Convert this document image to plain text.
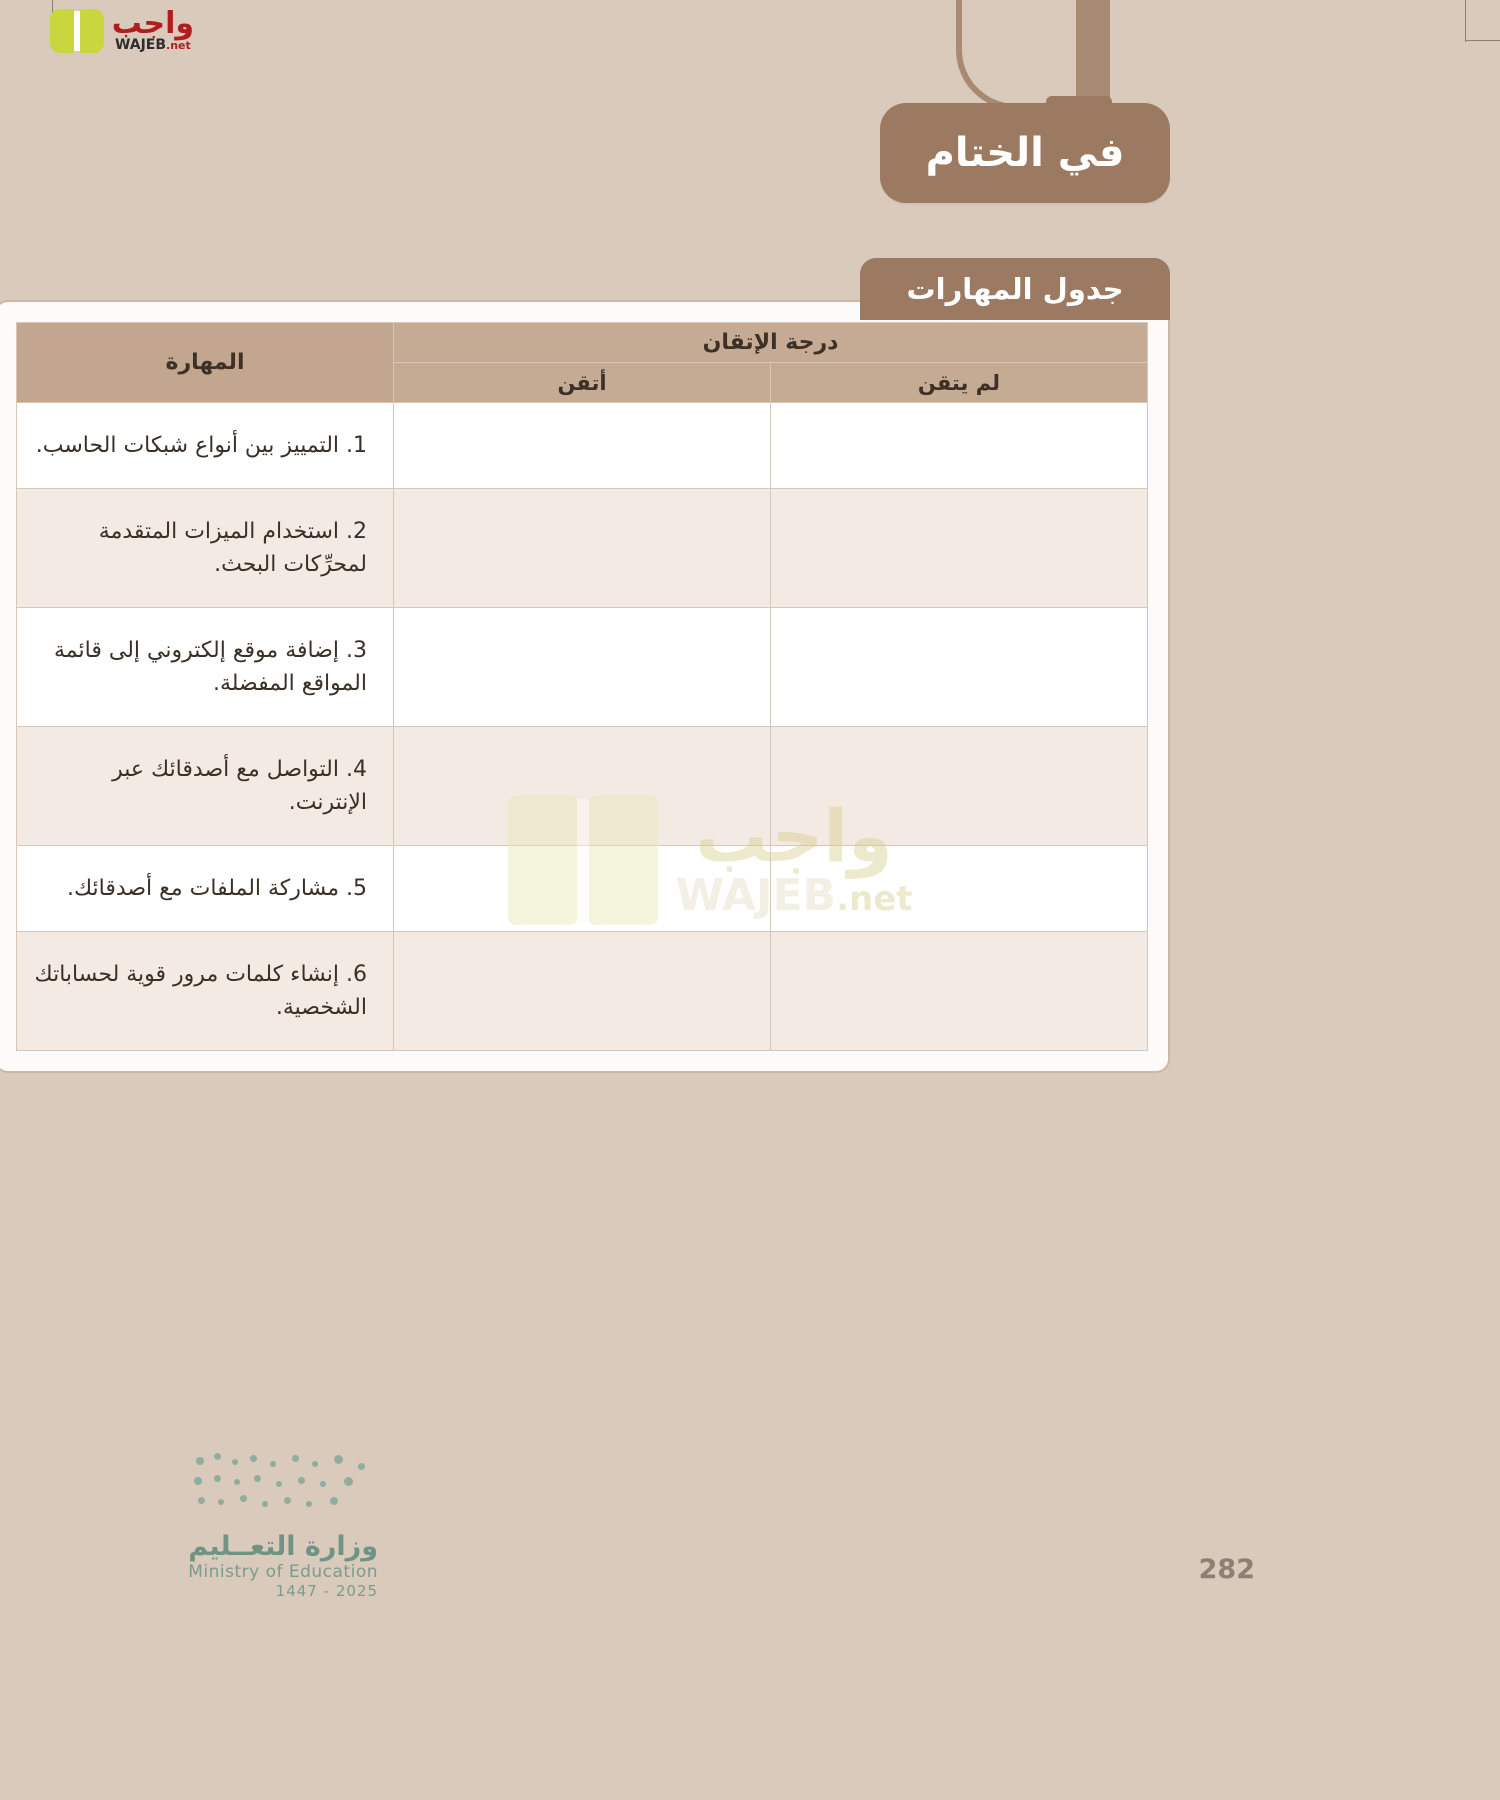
واجب
WAJEB.net
في الختام
جدول المهارات
درجة الإتقان		المهارة
لم يتقن	أتقن	
		1. التمييز بين أنواع شبكات الحاسب.
		2. استخدام الميزات المتقدمة لمحرِّكات البحث.
		3. إضافة موقع إلكتروني إلى قائمة المواقع المفضلة.
		4. التواصل مع أصدقائك عبر الإنترنت.
		5. مشاركة الملفات مع أصدقائك.
		6. إنشاء كلمات مرور قوية لحساباتك الشخصية.
واجب
WAJEB.net
وزارة التعــليم
Ministry of Education
2025 - 1447
282
